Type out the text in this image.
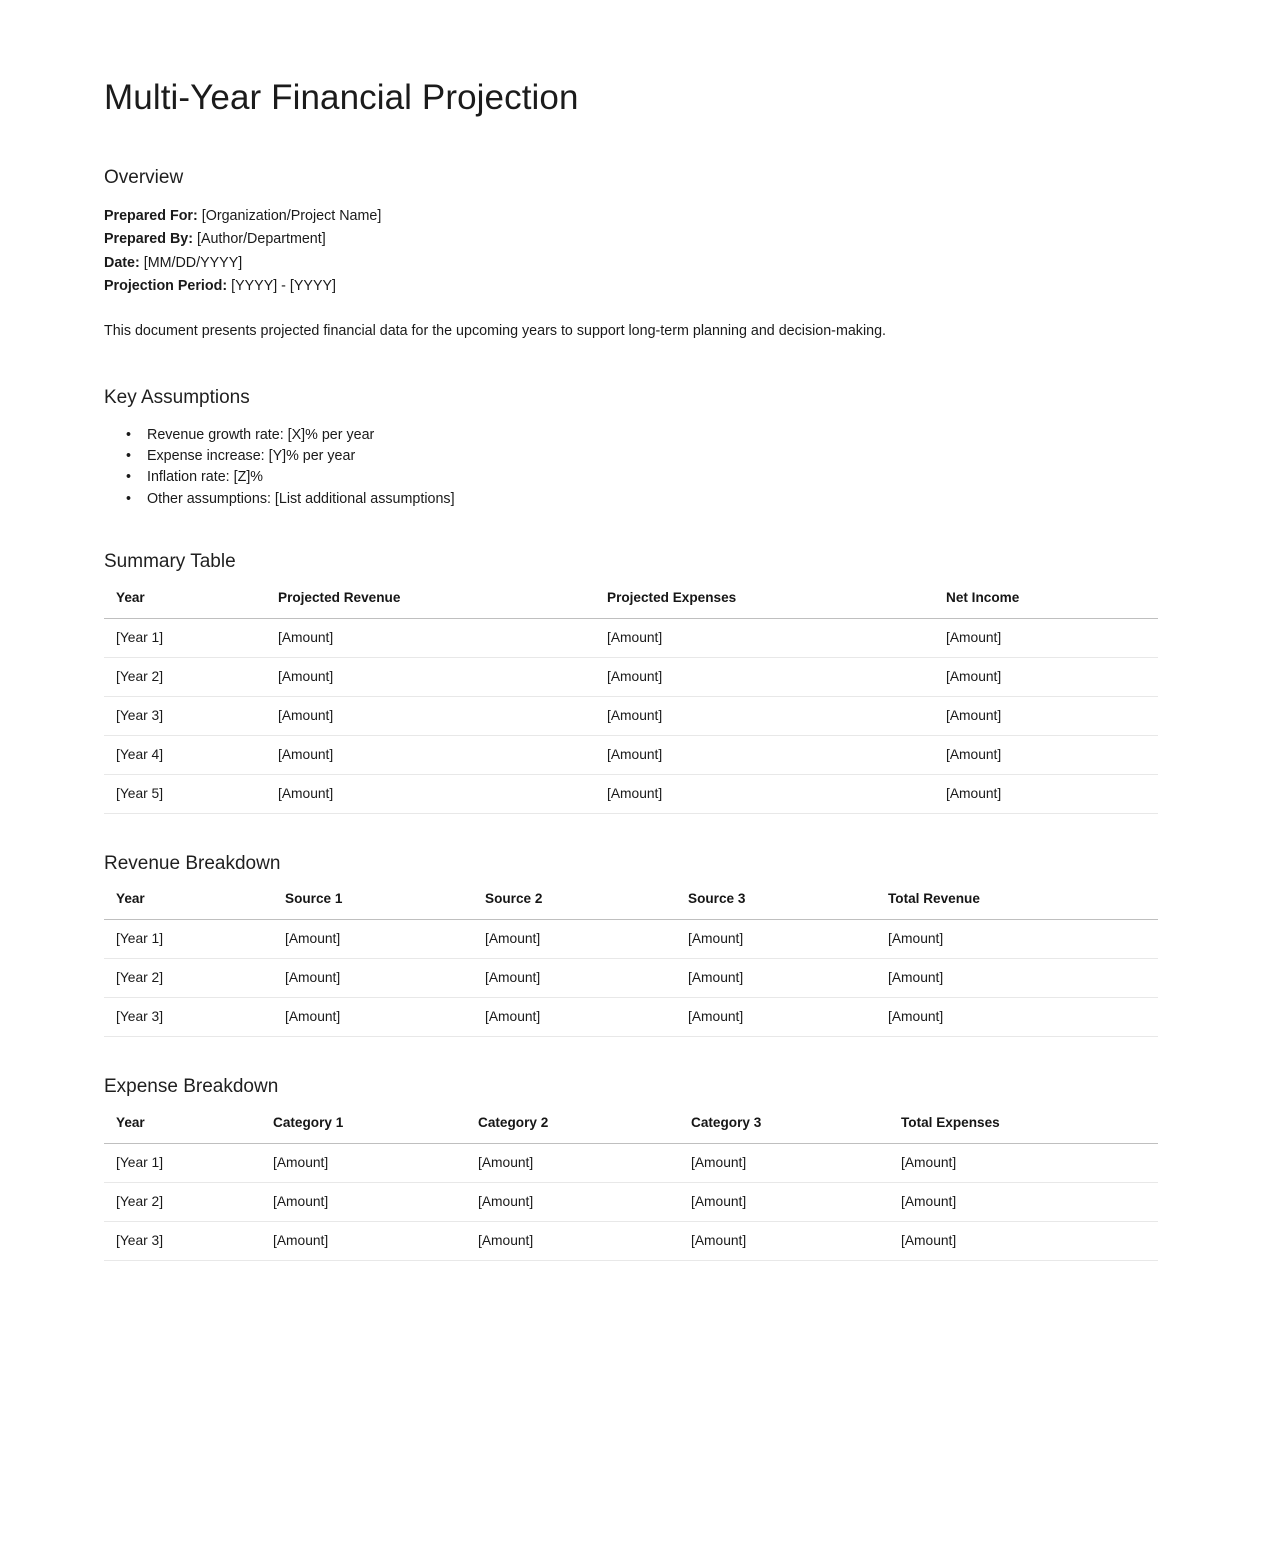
Multi-Year Financial Projection
Overview
Prepared For: [Organization/Project Name]
Prepared By: [Author/Department]
Date: [MM/DD/YYYY]
Projection Period: [YYYY] - [YYYY]

This document presents projected financial data for the upcoming years to support long-term planning and decision-making.

Key Assumptions
• Revenue growth rate: [X]% per year
• Expense increase: [Y]% per year
• Inflation rate: [Z]%
• Other assumptions: [List additional assumptions]
Summary Table
Year	Projected Revenue	Projected Expenses	Net Income
[Year 1]	[Amount]	[Amount]	[Amount]
[Year 2]	[Amount]	[Amount]	[Amount]
[Year 3]	[Amount]	[Amount]	[Amount]
[Year 4]	[Amount]	[Amount]	[Amount]
[Year 5]	[Amount]	[Amount]	[Amount]
Revenue Breakdown
Year	Source 1	Source 2	Source 3	Total Revenue
[Year 1]	[Amount]	[Amount]	[Amount]	[Amount]
[Year 2]	[Amount]	[Amount]	[Amount]	[Amount]
[Year 3]	[Amount]	[Amount]	[Amount]	[Amount]
Expense Breakdown
Year	Category 1	Category 2	Category 3	Total Expenses
[Year 1]	[Amount]	[Amount]	[Amount]	[Amount]
[Year 2]	[Amount]	[Amount]	[Amount]	[Amount]
[Year 3]	[Amount]	[Amount]	[Amount]	[Amount]
